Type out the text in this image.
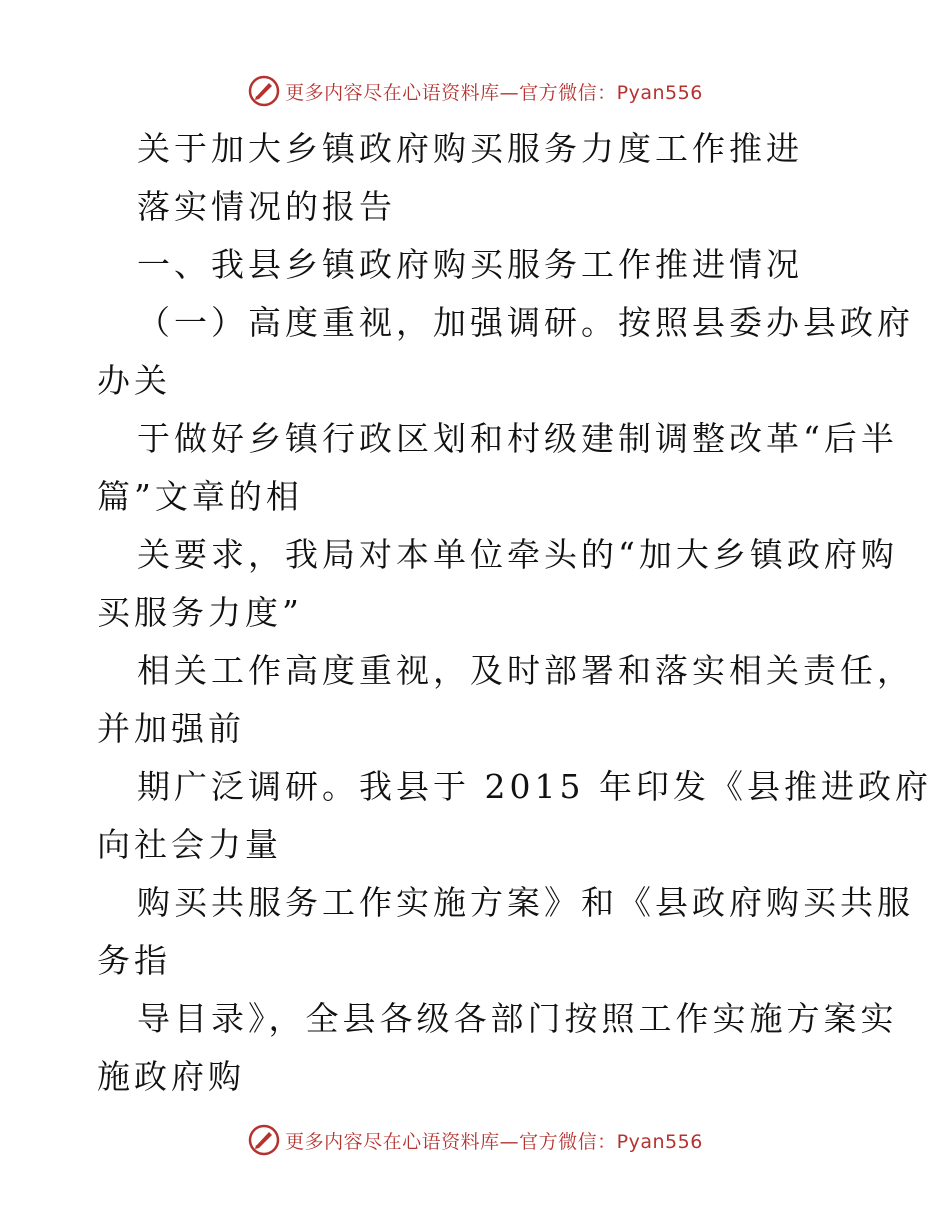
更多内容尽在心语资料库—官方微信：Pyan556
关于加大乡镇政府购买服务力度工作推进
落实情况的报告
一、我县乡镇政府购买服务工作推进情况
（一）高度重视，加强调研。按照县委办县政府
办关
于做好乡镇行政区划和村级建制调整改革“后半
篇”文章的相
关要求，我局对本单位牵头的“加大乡镇政府购
买服务力度”
相关工作高度重视，及时部署和落实相关责任，
并加强前
期广泛调研。我县于 2015 年印发《县推进政府
向社会力量
购买共服务工作实施方案》和《县政府购买共服
务指
导目录》，全县各级各部门按照工作实施方案实
施政府购
更多内容尽在心语资料库—官方微信：Pyan556
